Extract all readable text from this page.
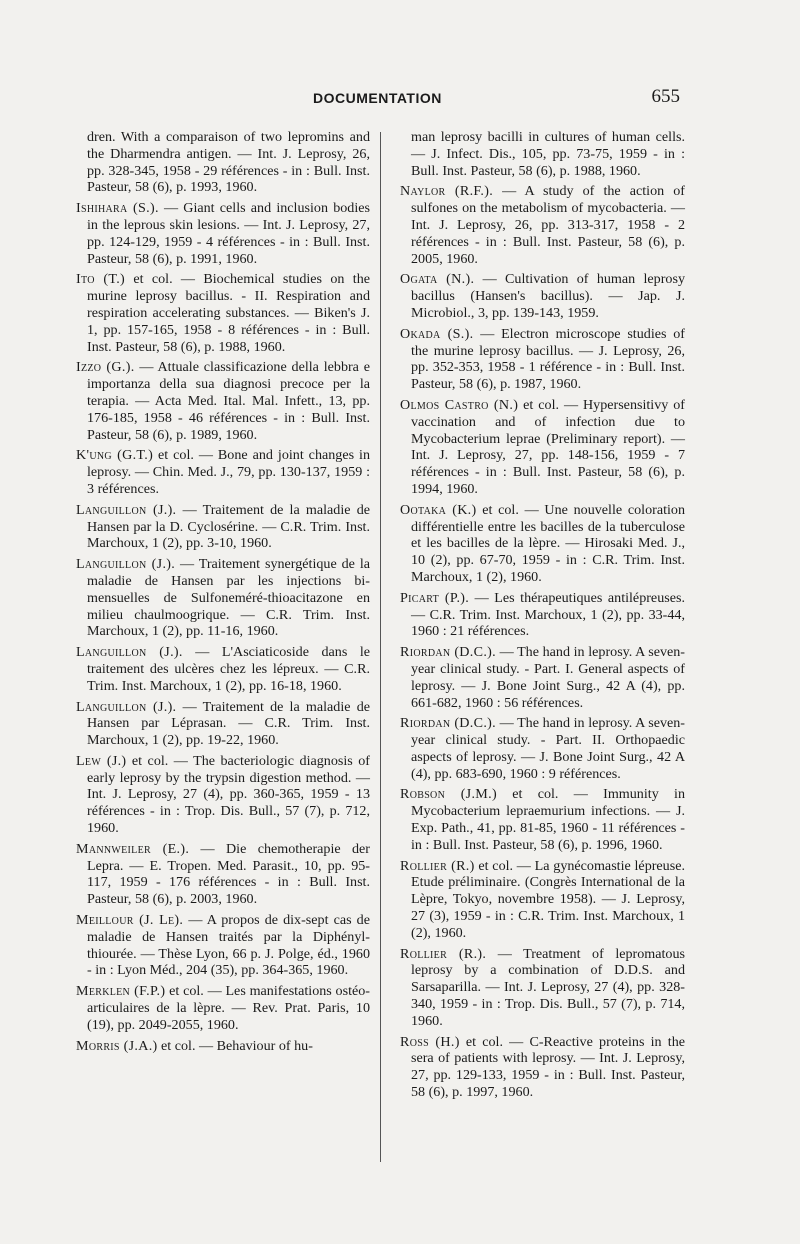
DOCUMENTATION	655

dren. With a comparaison of two lepromins and the Dharmendra antigen. — Int. J. Leprosy, 26, pp. 328-345, 1958 - 29 références - in : Bull. Inst. Pasteur, 58 (6), p. 1993, 1960.

Ishihara (S.). — Giant cells and inclusion bodies in the leprous skin lesions. — Int. J. Leprosy, 27, pp. 124-129, 1959 - 4 références - in : Bull. Inst. Pasteur, 58 (6), p. 1991, 1960.

Ito (T.) et col. — Biochemical studies on the murine leprosy bacillus. - II. Respiration and respiration accelerating substances. — Biken's J. 1, pp. 157-165, 1958 - 8 références - in : Bull. Inst. Pasteur, 58 (6), p. 1988, 1960.

Izzo (G.). — Attuale classificazione della lebbra e importanza della sua diagnosi precoce per la terapia. — Acta Med. Ital. Mal. Infett., 13, pp. 176-185, 1958 - 46 références - in : Bull. Inst. Pasteur, 58 (6), p. 1989, 1960.

K'ung (G.T.) et col. — Bone and joint changes in leprosy. — Chin. Med. J., 79, pp. 130-137, 1959 : 3 références.

Languillon (J.). — Traitement de la maladie de Hansen par la D. Cyclosérine. — C.R. Trim. Inst. Marchoux, 1 (2), pp. 3-10, 1960.

Languillon (J.). — Traitement synergétique de la maladie de Hansen par les injections bi-mensuelles de Sulfoneméré-thioacitazone en milieu chaulmoogrique. — C.R. Trim. Inst. Marchoux, 1 (2), pp. 11-16, 1960.

Languillon (J.). — L'Asciaticoside dans le traitement des ulcères chez les lépreux. — C.R. Trim. Inst. Marchoux, 1 (2), pp. 16-18, 1960.

Languillon (J.). — Traitement de la maladie de Hansen par Léprasan. — C.R. Trim. Inst. Marchoux, 1 (2), pp. 19-22, 1960.

Lew (J.) et col. — The bacteriologic diagnosis of early leprosy by the trypsin digestion method. — Int. J. Leprosy, 27 (4), pp. 360-365, 1959 - 13 références - in : Trop. Dis. Bull., 57 (7), p. 712, 1960.

Mannweiler (E.). — Die chemotherapie der Lepra. — E. Tropen. Med. Parasit., 10, pp. 95-117, 1959 - 176 références - in : Bull. Inst. Pasteur, 58 (6), p. 2003, 1960.

Meillour (J. Le). — A propos de dix-sept cas de maladie de Hansen traités par la Diphényl-thiourée. — Thèse Lyon, 66 p. J. Polge, éd., 1960 - in : Lyon Méd., 204 (35), pp. 364-365, 1960.

Merklen (F.P.) et col. — Les manifestations ostéo-articulaires de la lèpre. — Rev. Prat. Paris, 10 (19), pp. 2049-2055, 1960.

Morris (J.A.) et col. — Behaviour of hu-

man leprosy bacilli in cultures of human cells. — J. Infect. Dis., 105, pp. 73-75, 1959 - in : Bull. Inst. Pasteur, 58 (6), p. 1988, 1960.

Naylor (R.F.). — A study of the action of sulfones on the metabolism of mycobacteria. — Int. J. Leprosy, 26, pp. 313-317, 1958 - 2 références - in : Bull. Inst. Pasteur, 58 (6), p. 2005, 1960.

Ogata (N.). — Cultivation of human leprosy bacillus (Hansen's bacillus). — Jap. J. Microbiol., 3, pp. 139-143, 1959.

Okada (S.). — Electron microscope studies of the murine leprosy bacillus. — J. Leprosy, 26, pp. 352-353, 1958 - 1 référence - in : Bull. Inst. Pasteur, 58 (6), p. 1987, 1960.

Olmos Castro (N.) et col. — Hypersensitivy of vaccination and of infection due to Mycobacterium leprae (Preliminary report). — Int. J. Leprosy, 27, pp. 148-156, 1959 - 7 références - in : Bull. Inst. Pasteur, 58 (6), p. 1994, 1960.

Ootaka (K.) et col. — Une nouvelle coloration différentielle entre les bacilles de la tuberculose et les bacilles de la lèpre. — Hirosaki Med. J., 10 (2), pp. 67-70, 1959 - in : C.R. Trim. Inst. Marchoux, 1 (2), 1960.

Picart (P.). — Les thérapeutiques antilépreuses. — C.R. Trim. Inst. Marchoux, 1 (2), pp. 33-44, 1960 : 21 références.

Riordan (D.C.). — The hand in leprosy. A seven-year clinical study. - Part. I. General aspects of leprosy. — J. Bone Joint Surg., 42 A (4), pp. 661-682, 1960 : 56 références.

Riordan (D.C.). — The hand in leprosy. A seven-year clinical study. - Part. II. Orthopaedic aspects of leprosy. — J. Bone Joint Surg., 42 A (4), pp. 683-690, 1960 : 9 références.

Robson (J.M.) et col. — Immunity in Mycobacterium lepraemurium infections. — J. Exp. Path., 41, pp. 81-85, 1960 - 11 références - in : Bull. Inst. Pasteur, 58 (6), p. 1996, 1960.

Rollier (R.) et col. — La gynécomastie lépreuse. Etude préliminaire. (Congrès International de la Lèpre, Tokyo, novembre 1958). — J. Leprosy, 27 (3), 1959 - in : C.R. Trim. Inst. Marchoux, 1 (2), 1960.

Rollier (R.). — Treatment of lepromatous leprosy by a combination of D.D.S. and Sarsaparilla. — Int. J. Leprosy, 27 (4), pp. 328-340, 1959 - in : Trop. Dis. Bull., 57 (7), p. 714, 1960.

Ross (H.) et col. — C-Reactive proteins in the sera of patients with leprosy. — Int. J. Leprosy, 27, pp. 129-133, 1959 - in : Bull. Inst. Pasteur, 58 (6), p. 1997, 1960.
